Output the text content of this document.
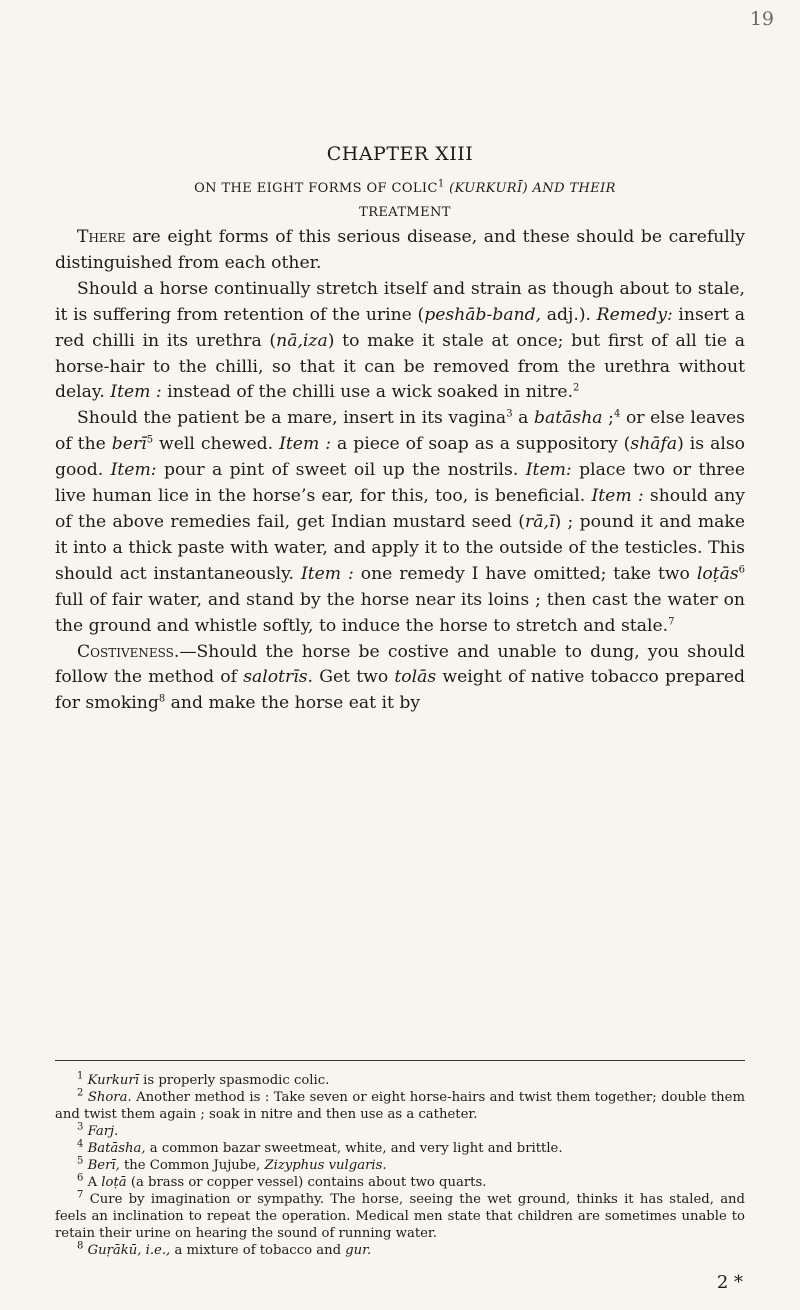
19
CHAPTER XIII
ON THE EIGHT FORMS OF COLIC$^1$ (KURKURĪ) AND THEIR
TREATMENT

There are eight forms of this serious disease, and these should be carefully distinguished from each other.

Should a horse continually stretch itself and strain as though about to stale, it is suffering from retention of the urine (peshāb-band, adj.). Remedy: insert a red chilli in its urethra (nā,iza) to make it stale at once; but first of all tie a horse-hair to the chilli, so that it can be removed from the urethra without delay. Item : instead of the chilli use a wick soaked in nitre.$^2$

Should the patient be a mare, insert in its vagina$^3$ a batāsha ;$^4$ or else leaves of the berī$^5$ well chewed. Item : a piece of soap as a suppository (shāfa) is also good. Item: pour a pint of sweet oil up the nostrils. Item: place two or three live human lice in the horse’s ear, for this, too, is beneficial. Item : should any of the above remedies fail, get Indian mustard seed (rā,ī) ; pound it and make it into a thick paste with water, and apply it to the outside of the testicles. This should act instantaneously. Item : one remedy I have omitted; take two loṭās$^6$ full of fair water, and stand by the horse near its loins ; then cast the water on the ground and whistle softly, to induce the horse to stretch and stale.$^7$

Costiveness.—Should the horse be costive and unable to dung, you should follow the method of salotrīs. Get two tolās weight of native tobacco prepared for smoking$^8$ and make the horse eat it by

$^1$ Kurkurī is properly spasmodic colic.

$^2$ Shora. Another method is : Take seven or eight horse-hairs and twist them together; double them and twist them again ; soak in nitre and then use as a catheter.

$^3$ Farj.

$^4$ Batāsha, a common bazar sweetmeat, white, and very light and brittle.

$^5$ Berī, the Common Jujube, Zizyphus vulgaris.

$^6$ A loṭā (a brass or copper vessel) contains about two quarts.

$^7$ Cure by imagination or sympathy. The horse, seeing the wet ground, thinks it has staled, and feels an inclination to repeat the operation. Medical men state that children are sometimes unable to retain their urine on hearing the sound of running water.

$^8$ Guṛākū, i.e., a mixture of tobacco and gur.

2 *
